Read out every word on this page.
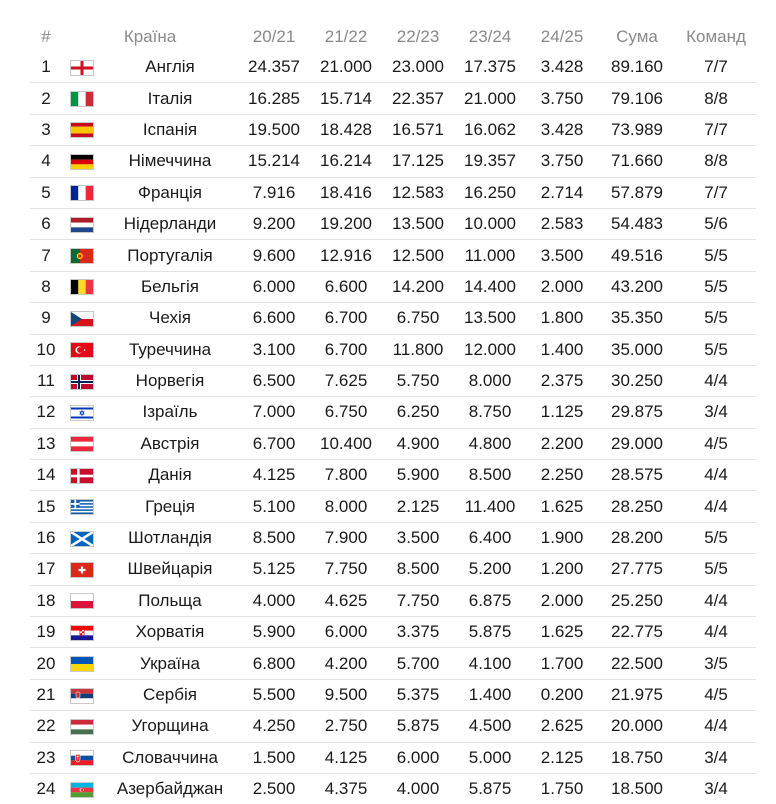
#	Країна		20/21	21/22	22/23	23/24	24/25	Сума	Команд
1		Англія	24.357	21.000	23.000	17.375	3.428	89.160	7/7
2		Італія	16.285	15.714	22.357	21.000	3.750	79.106	8/8
3		Іспанія	19.500	18.428	16.571	16.062	3.428	73.989	7/7
4		Німеччина	15.214	16.214	17.125	19.357	3.750	71.660	8/8
5		Франція	7.916	18.416	12.583	16.250	2.714	57.879	7/7
6		Нідерланди	9.200	19.200	13.500	10.000	2.583	54.483	5/6
7		Португалія	9.600	12.916	12.500	11.000	3.500	49.516	5/5
8		Бельгія	6.000	6.600	14.200	14.400	2.000	43.200	5/5
9		Чехія	6.600	6.700	6.750	13.500	1.800	35.350	5/5
10		Туреччина	3.100	6.700	11.800	12.000	1.400	35.000	5/5
11		Норвегія	6.500	7.625	5.750	8.000	2.375	30.250	4/4
12		Ізраїль	7.000	6.750	6.250	8.750	1.125	29.875	3/4
13		Австрія	6.700	10.400	4.900	4.800	2.200	29.000	4/5
14		Данія	4.125	7.800	5.900	8.500	2.250	28.575	4/4
15		Греція	5.100	8.000	2.125	11.400	1.625	28.250	4/4
16		Шотландія	8.500	7.900	3.500	6.400	1.900	28.200	5/5
17		Швейцарія	5.125	7.750	8.500	5.200	1.200	27.775	5/5
18		Польща	4.000	4.625	7.750	6.875	2.000	25.250	4/4
19		Хорватія	5.900	6.000	3.375	5.875	1.625	22.775	4/4
20		Україна	6.800	4.200	5.700	4.100	1.700	22.500	3/5
21		Сербія	5.500	9.500	5.375	1.400	0.200	21.975	4/5
22		Угорщина	4.250	2.750	5.875	4.500	2.625	20.000	4/4
23		Словаччина	1.500	4.125	6.000	5.000	2.125	18.750	3/4
24		Азербайджан	2.500	4.375	4.000	5.875	1.750	18.500	3/4
